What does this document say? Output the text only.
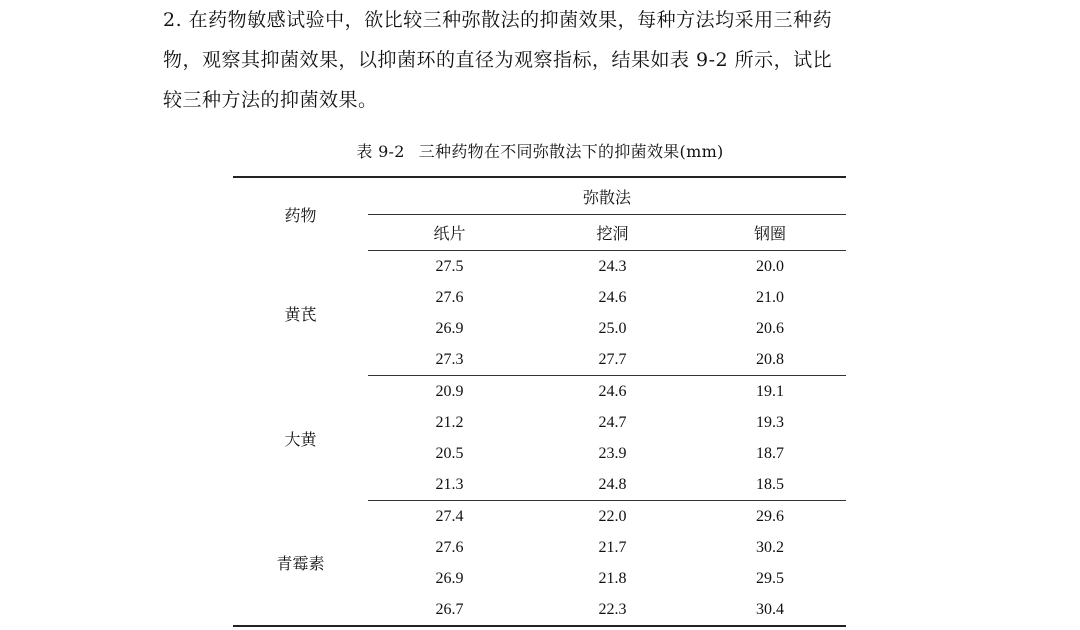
2. 在药物敏感试验中，欲比较三种弥散法的抑菌效果，每种方法均采用三种药
物，观察其抑菌效果，以抑菌环的直径为观察指标，结果如表 9-2 所示，试比
较三种方法的抑菌效果。
表 9-2 三种药物在不同弥散法下的抑菌效果(mm)
药物	弥散法		
	纸片	挖洞	钢圈
黄芪	27.5	24.3	20.0
	27.6	24.6	21.0
	26.9	25.0	20.6
	27.3	27.7	20.8
大黄	20.9	24.6	19.1
	21.2	24.7	19.3
	20.5	23.9	18.7
	21.3	24.8	18.5
青霉素	27.4	22.0	29.6
	27.6	21.7	30.2
	26.9	21.8	29.5
	26.7	22.3	30.4
